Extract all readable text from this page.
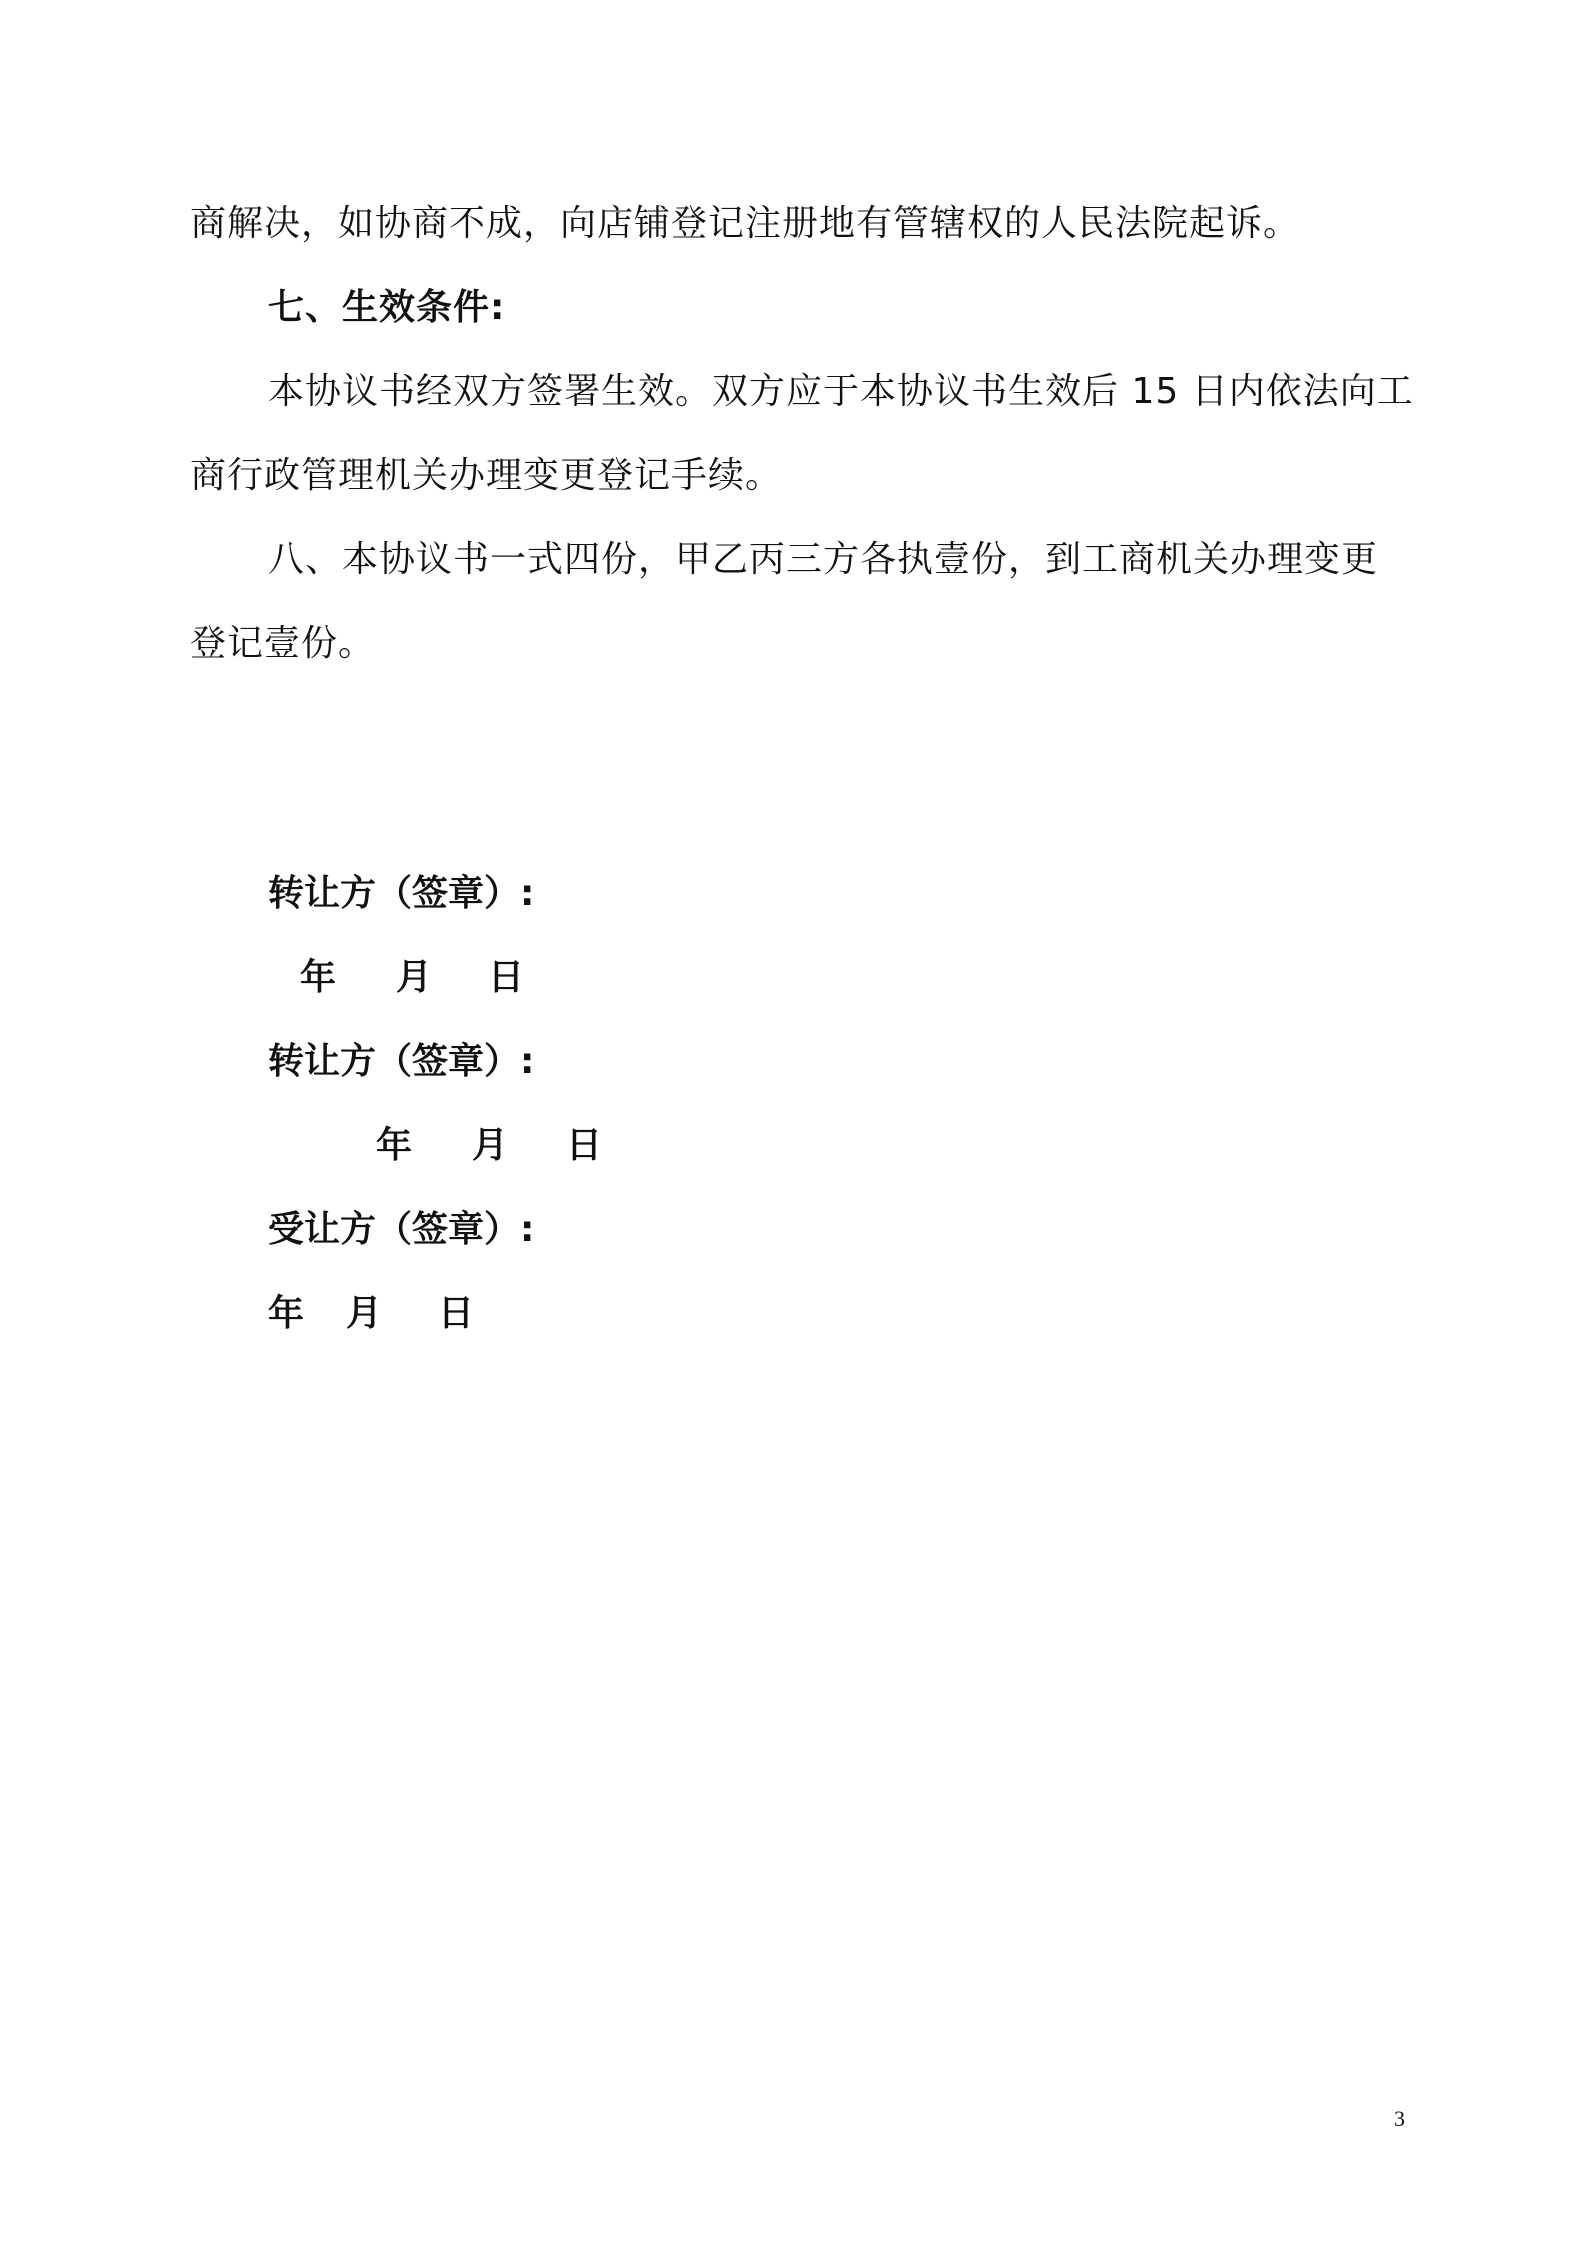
商解决，如协商不成，向店铺登记注册地有管辖权的人民法院起诉。
七、生效条件:
本协议书经双方签署生效。双方应于本协议书生效后 15 日内依法向工
商行政管理机关办理变更登记手续。
八、本协议书一式四份，甲乙丙三方各执壹份，到工商机关办理变更
登记壹份。
转让方（签章）:
年 月 日
转让方（签章）:
年 月 日
受让方（签章）:
年 月 日
3
